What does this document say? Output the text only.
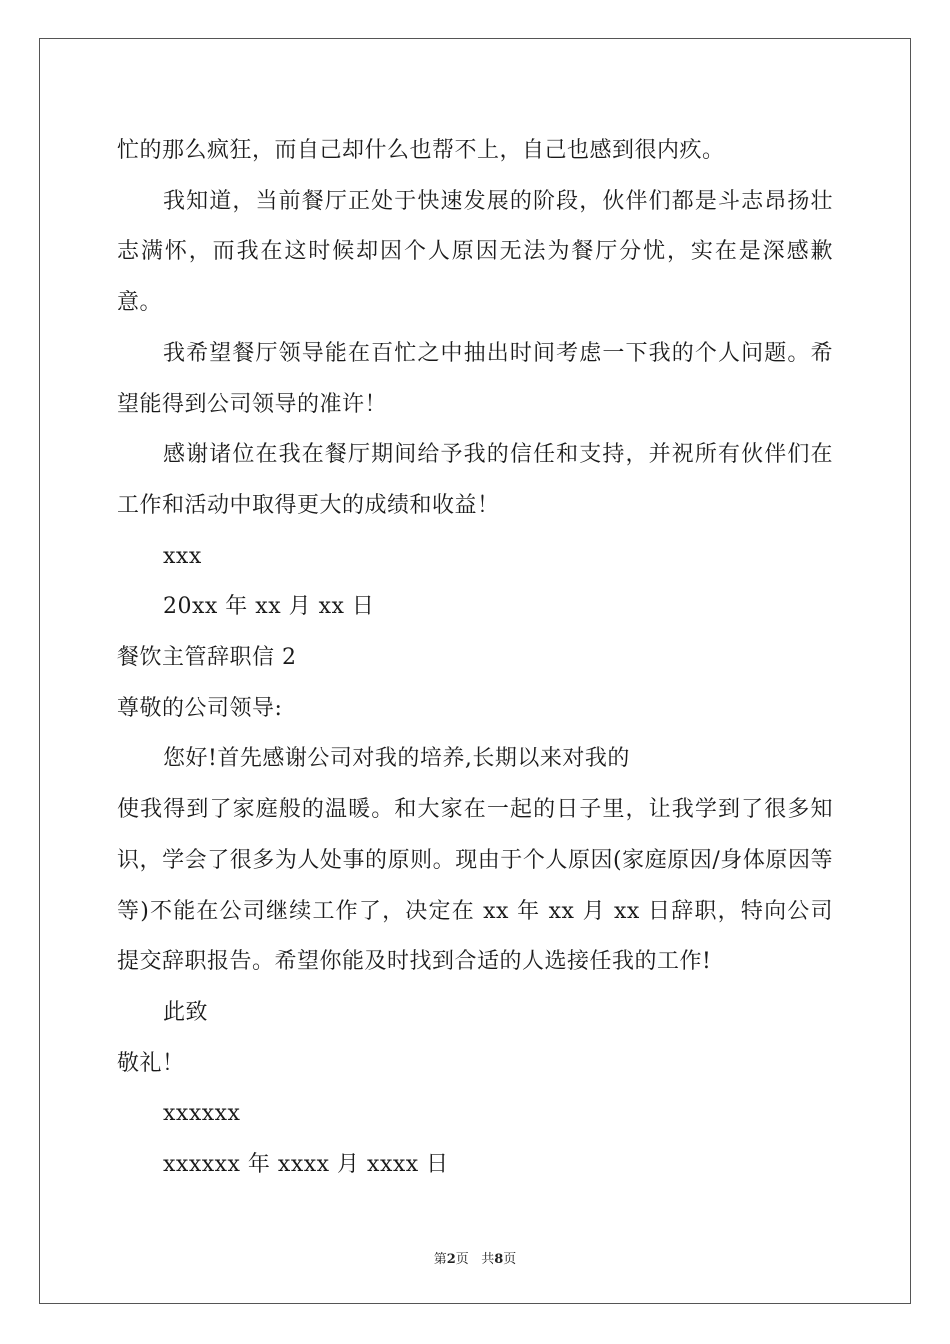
忙的那么疯狂，而自己却什么也帮不上，自己也感到很内疚。

我知道，当前餐厅正处于快速发展的阶段，伙伴们都是斗志昂扬壮志满怀，而我在这时候却因个人原因无法为餐厅分忧，实在是深感歉意。

我希望餐厅领导能在百忙之中抽出时间考虑一下我的个人问题。希望能得到公司领导的准许！

感谢诸位在我在餐厅期间给予我的信任和支持，并祝所有伙伴们在工作和活动中取得更大的成绩和收益！

xxx

20xx 年 xx 月 xx 日

餐饮主管辞职信 2

尊敬的公司领导:

您好!首先感谢公司对我的培养,长期以来对我的

使我得到了家庭般的温暖。和大家在一起的日子里，让我学到了很多知识，学会了很多为人处事的原则。现由于个人原因(家庭原因/身体原因等等)不能在公司继续工作了，决定在 xx 年 xx 月 xx 日辞职，特向公司提交辞职报告。希望你能及时找到合适的人选接任我的工作!

此致

敬礼！

xxxxxx

xxxxxx 年 xxxx 月 xxxx 日

第2页 共8页
